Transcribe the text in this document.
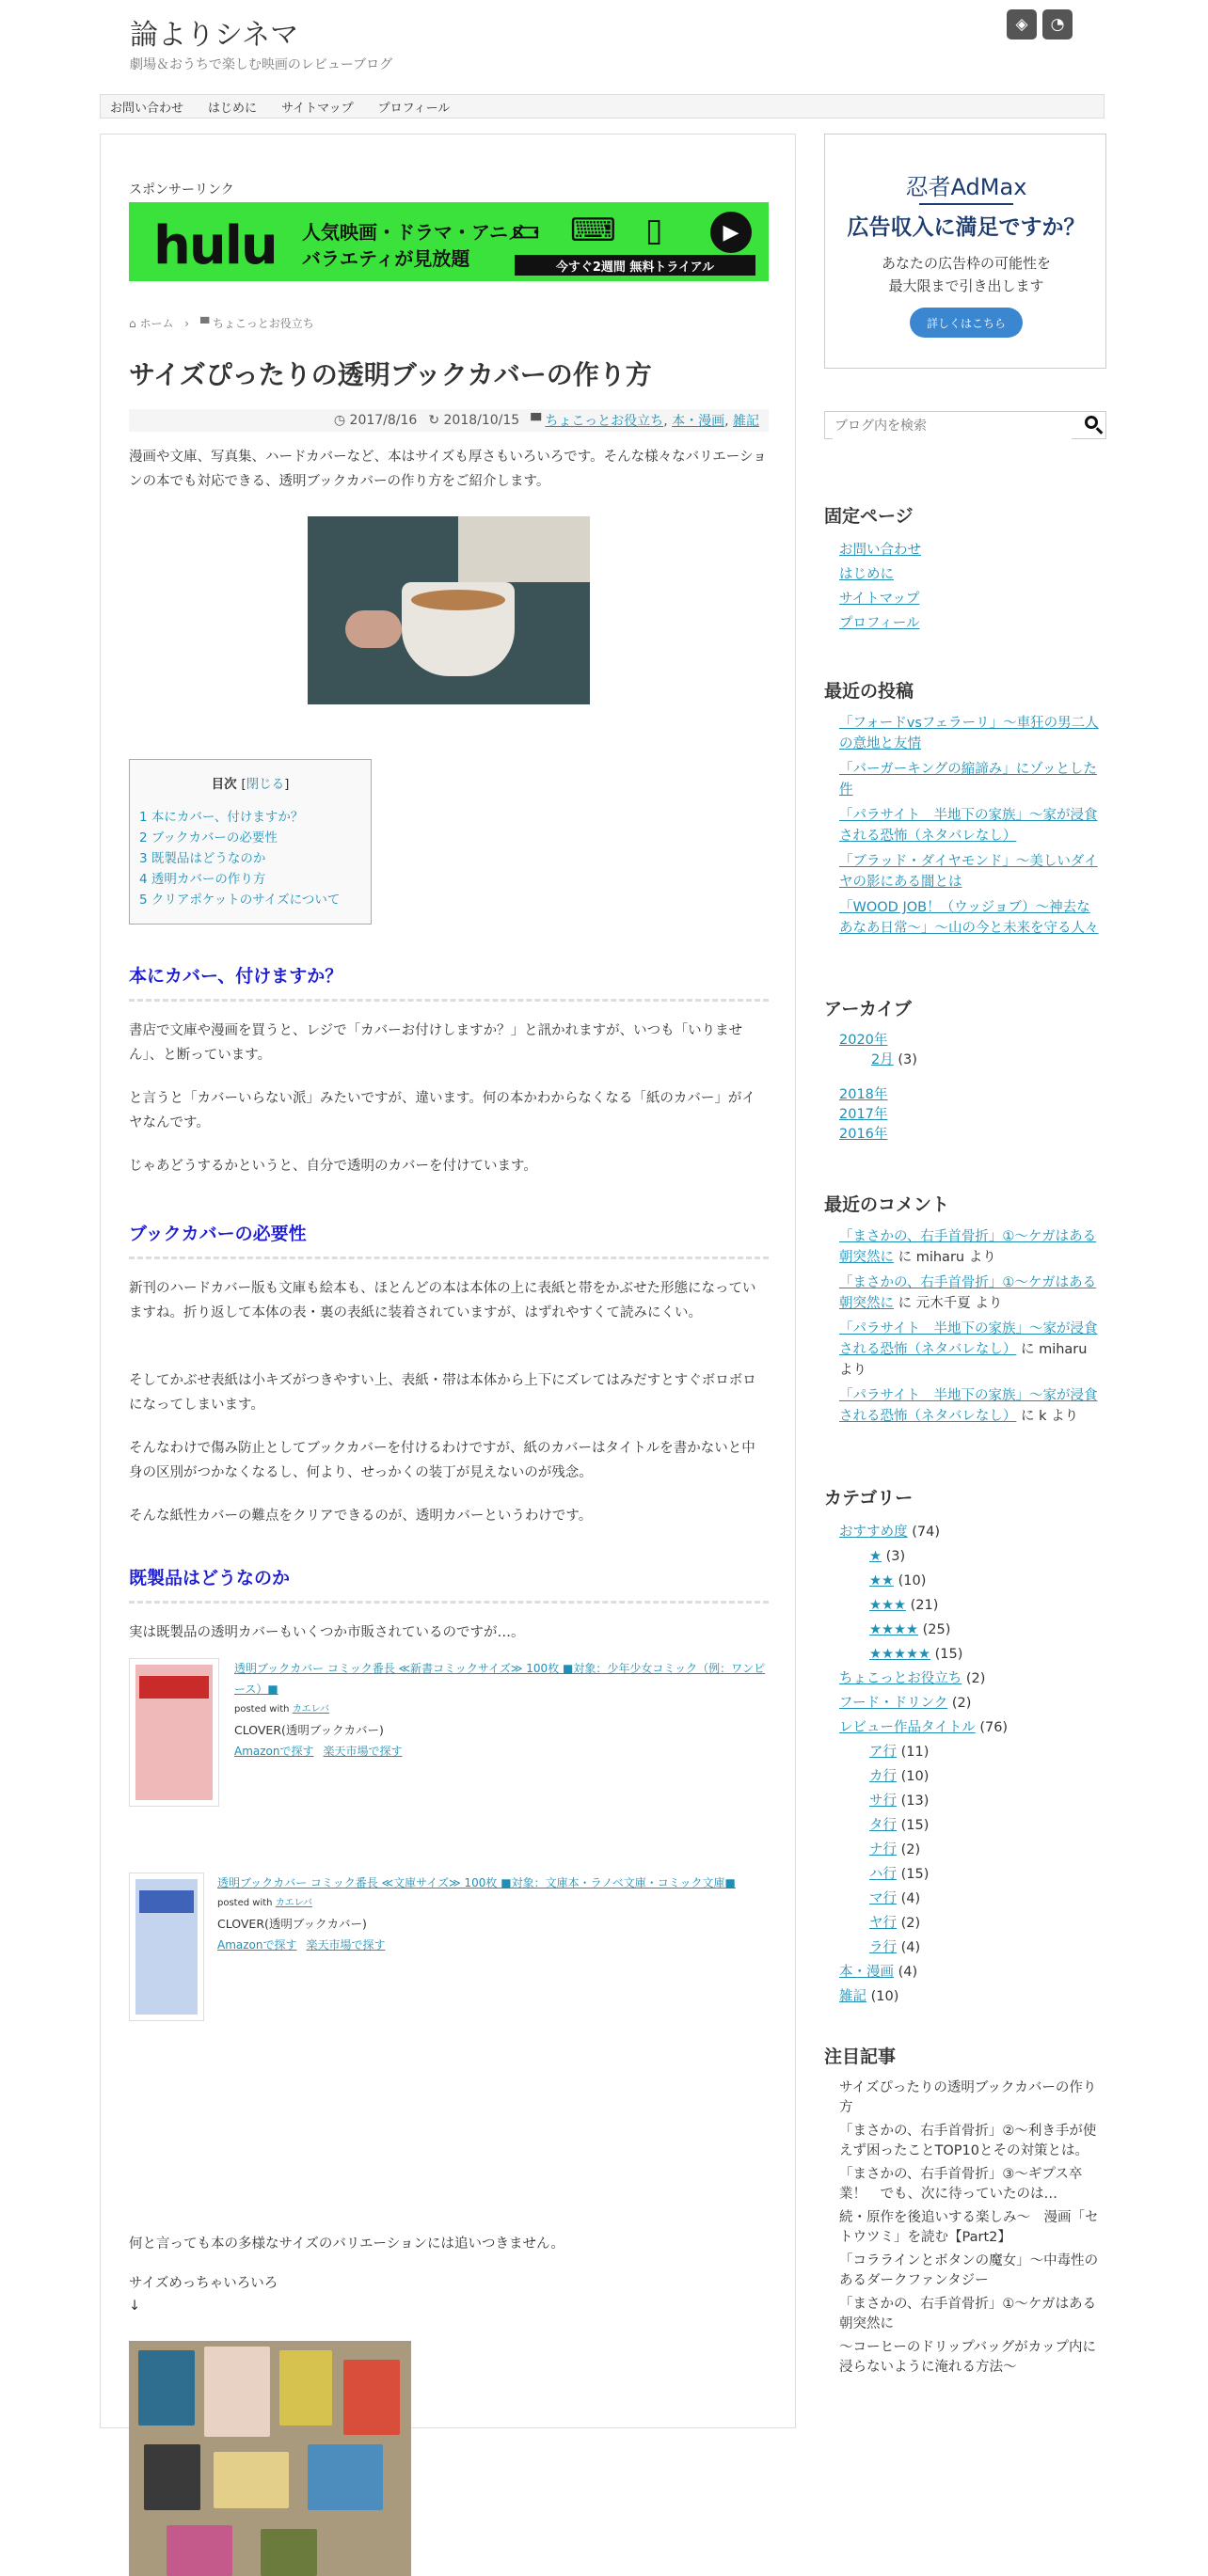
論よりシネマ
劇場＆おうちで楽しむ映画のレビューブログ
◈	◔
お問い合わせ はじめに サイトマップ プロフィール
スポンサーリンク
hulu 人気映画・ドラマ・アニメ・
バラエティが見放題
▭ ⌨ ▯
今すぐ2週間 無料トライアル
▶
⌂ ホーム › ▀ ちょこっとお役立ち
サイズぴったりの透明ブックカバーの作り方
◷ 2017/8/16 ↻ 2018/10/15 ▀ ちょこっとお役立ち, 本・漫画, 雑記

漫画や文庫、写真集、ハードカバーなど、本はサイズも厚さもいろいろです。そんな様々なバリエーションの本でも対応できる、透明ブックカバーの作り方をご紹介します。

目次 [閉じる]
1 本にカバー、付けますか？
2 ブックカバーの必要性
3 既製品はどうなのか
4 透明カバーの作り方
5 クリアポケットのサイズについて
本にカバー、付けますか？

書店で文庫や漫画を買うと、レジで「カバーお付けしますか？」と訊かれますが、いつも「いりません」、と断っています。

と言うと「カバーいらない派」みたいですが、違います。何の本かわからなくなる「紙のカバー」がイヤなんです。

じゃあどうするかというと、自分で透明のカバーを付けています。

ブックカバーの必要性

新刊のハードカバー版も文庫も絵本も、ほとんどの本は本体の上に表紙と帯をかぶせた形態になっていますね。折り返して本体の表・裏の表紙に装着されていますが、はずれやすくて読みにくい。

そしてかぶせ表紙は小キズがつきやすい上、表紙・帯は本体から上下にズレてはみだすとすぐボロボロになってしまいます。

そんなわけで傷み防止としてブックカバーを付けるわけですが、紙のカバーはタイトルを書かないと中身の区別がつかなくなるし、何より、せっかくの装丁が見えないのが残念。

そんな紙性カバーの難点をクリアできるのが、透明カバーというわけです。

既製品はどうなのか

実は既製品の透明カバーもいくつか市販されているのですが…。

透明ブックカバー コミック番長 ≪新書コミックサイズ≫ 100枚 ■対象：少年少女コミック（例：ワンピース）■
posted with カエレバ
CLOVER(透明ブックカバー)
Amazonで探す 楽天市場で探す
透明ブックカバー コミック番長 ≪文庫サイズ≫ 100枚 ■対象：文庫本・ラノベ文庫・コミック文庫■
posted with カエレバ
CLOVER(透明ブックカバー)
Amazonで探す 楽天市場で探す

何と言っても本の多様なサイズのバリエーションには追いつきません。

サイズめっちゃいろいろ

↓

忍者AdMax
広告収入に満足ですか？
あなたの広告枠の可能性を
最大限まで引き出します
詳しくはこちら
ブログ内を検索
固定ページ
お問い合わせ
はじめに
サイトマップ
プロフィール
最近の投稿
「フォードvsフェラーリ」～車狂の男二人の意地と友情
「バーガーキングの縮諦み」にゾッとした件
「パラサイト　半地下の家族」～家が浸食される恐怖（ネタバレなし）
「ブラッド・ダイヤモンド」～美しいダイヤの影にある闇とは
「WOOD JOB！（ウッジョブ）～神去なあなあ日常～」～山の今と未来を守る人々
アーカイブ
2020年
2月 (3)
2018年
2017年
2016年
最近のコメント
「まさかの、右手首骨折」①～ケガはある朝突然に に miharu より
「まさかの、右手首骨折」①～ケガはある朝突然に に 元木千夏 より
「パラサイト　半地下の家族」～家が浸食される恐怖（ネタバレなし） に miharu より
「パラサイト　半地下の家族」～家が浸食される恐怖（ネタバレなし） に k より
カテゴリー
おすすめ度 (74)
★ (3)
★★ (10)
★★★ (21)
★★★★ (25)
★★★★★ (15)
ちょこっとお役立ち (2)
フード・ドリンク (2)
レビュー作品タイトル (76)
ア行 (11)
カ行 (10)
サ行 (13)
タ行 (15)
ナ行 (2)
ハ行 (15)
マ行 (4)
ヤ行 (2)
ラ行 (4)
本・漫画 (4)
雑記 (10)
注目記事
サイズぴったりの透明ブックカバーの作り方
「まさかの、右手首骨折」②～利き手が使えず困ったことTOP10とその対策とは。
「まさかの、右手首骨折」③～ギプス卒業！　でも、次に待っていたのは…
続・原作を後追いする楽しみ～　漫画「セトウツミ」を読む【Part2】
「コララインとボタンの魔女」～中毒性のあるダークファンタジー
「まさかの、右手首骨折」①～ケガはある朝突然に
～コーヒーのドリップバッグがカップ内に浸らないように淹れる方法～
